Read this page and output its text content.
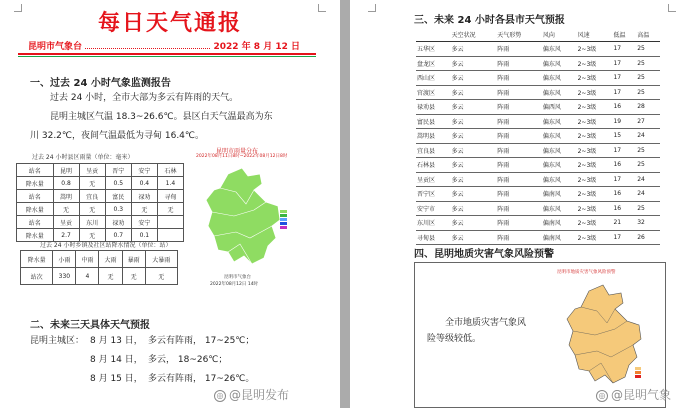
每日天气通报
昆明市气象台	2022 年 8 月 12 日
一、过去 24 小时气象监测报告
过去 24 小时，全市大部为多云有阵雨的天气。
昆明主城区气温 18.3~26.6℃。县区白天气温最高为东
川 32.2℃，夜间气温最低为寻甸 16.4℃。
过去 24 小时县区雨量（单位：毫米）
站名	昆明	呈贡	晋宁	安宁	石林
降水量	0.8	无	0.5	0.4	1.4
站名	嵩明	宜良	富民	禄劝	寻甸
降水量	无	无	0.3	无	无
站名	呈贡	东川	禄劝	安宁	
降水量	2.7	无	0.7	0.1	
过去 24 小时乡镇及社区站降水情况（单位：站）
降水量	小雨	中雨	大雨	暴雨	大暴雨
站次	330	4	无	无	无
昆明市雨量分布
2022年08月11日8时~2022年08月12日8时
昆明市气象台
2022年08月12日 14时
二、未来三天具体天气预报
昆明主城区： 8 月 13 日， 多云有阵雨， 17~25℃；
8 月 14 日， 多云， 18~26℃；
8 月 15 日， 多云有阵雨， 17~26℃。
◎ @昆明发布
三、未来 24 小时各县市天气预报
	天空状况	天气形势	风向	风速	低温	高温
五华区	多云	阵雨	偏东风	2~3级	17	25
盘龙区	多云	阵雨	偏东风	2~3级	17	25
西山区	多云	阵雨	偏东风	2~3级	17	25
官渡区	多云	阵雨	偏东风	2~3级	17	25
禄劝县	多云	阵雨	偏西风	2~3级	16	28
富民县	多云	阵雨	偏东风	2~3级	19	27
嵩明县	多云	阵雨	偏东风	2~3级	15	24
宜良县	多云	阵雨	偏东风	2~3级	17	25
石林县	多云	阵雨	偏东风	2~3级	16	25
呈贡区	多云	阵雨	偏东风	2~3级	17	24
晋宁区	多云	阵雨	偏南风	2~3级	16	24
安宁市	多云	阵雨	偏东风	2~3级	16	25
东川区	多云	阵雨	偏南风	2~3级	21	32
寻甸县	多云	阵雨	偏南风	2~3级	17	26
四、昆明地质灾害气象风险预警
全市地质灾害气象风
险等级较低。
昆明市地质灾害气象风险预警
◎ @昆明气象
